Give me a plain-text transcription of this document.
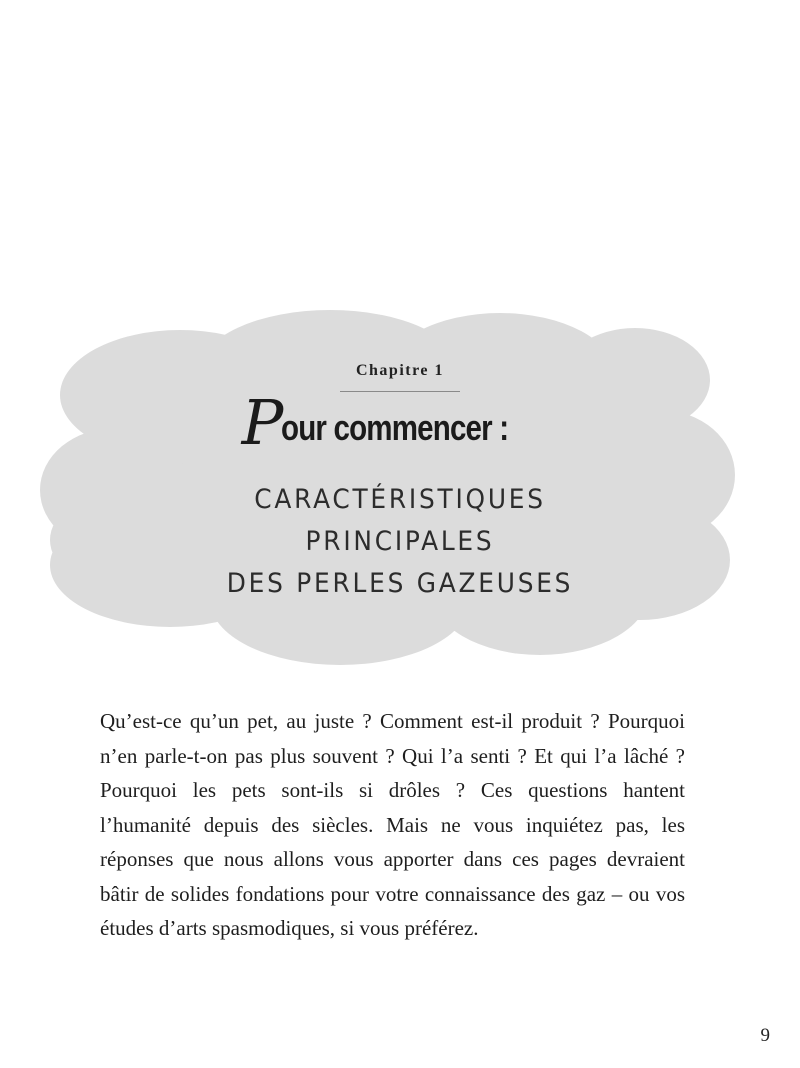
Chapitre 1
Pour commencer :
CARACTÉRISTIQUES
PRINCIPALES
DES PERLES GAZEUSES

Qu’est-ce qu’un pet, au juste ? Comment est-il produit ? Pourquoi n’en parle-t-on pas plus souvent ? Qui l’a senti ? Et qui l’a lâché ? Pourquoi les pets sont-ils si drôles ? Ces questions hantent l’humanité depuis des siècles. Mais ne vous inquiétez pas, les réponses que nous allons vous apporter dans ces pages devraient bâtir de solides fondations pour votre connaissance des gaz – ou vos études d’arts spasmodiques, si vous préférez.

9
